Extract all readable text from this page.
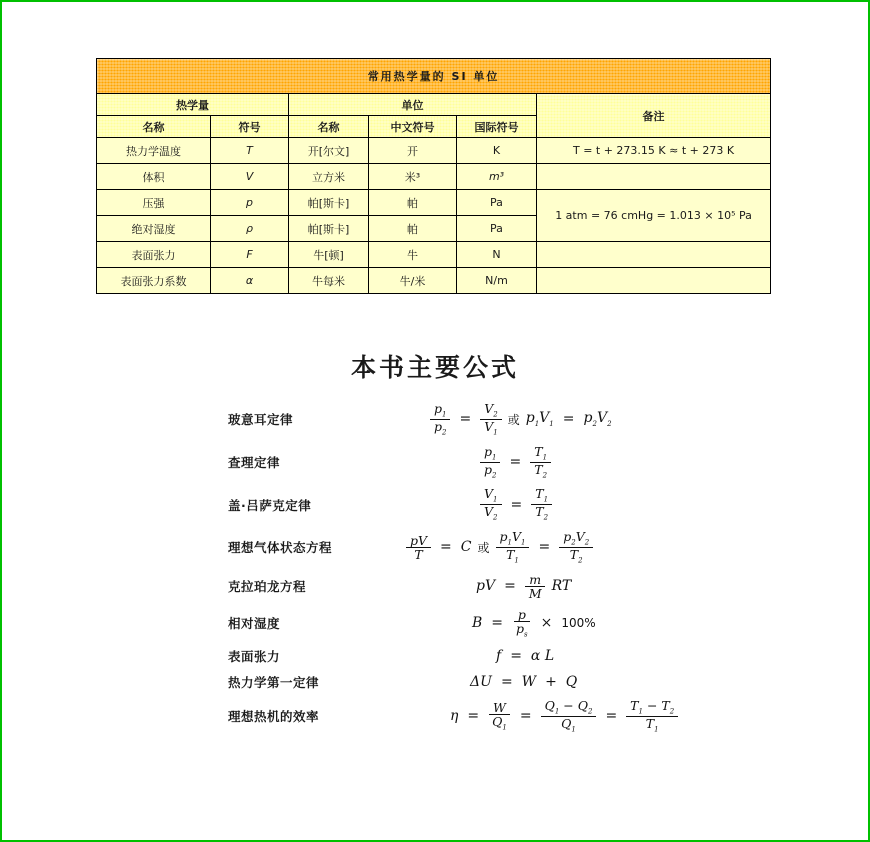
常用热学量的 SI 单位					
热学量		单位			备注
名称	符号	名称	中文符号	国际符号	
热力学温度	T	开[尔文]	开	K	T = t + 273.15 K ≈ t + 273 K
体积	V	立方米	米³	m³	
压强	p	帕[斯卡]	帕	Pa	1 atm = 76 cmHg = 1.013 × 10⁵ Pa
绝对湿度	ρ	帕[斯卡]	帕	Pa	
表面张力	F	牛[顿]	牛	N	
表面张力系数	α	牛每米	牛/米	N/m	
本书主要公式
玻意耳定律	$\frac{p_1}{p_2} = \frac{V_2}{V_1}$ 或 $p_1V_1 = p_2V_2$
查理定律	$\frac{p_1}{p_2} = \frac{T_1}{T_2}$
盖·吕萨克定律	$\frac{V_1}{V_2} = \frac{T_1}{T_2}$
理想气体状态方程	$\frac{pV}{T} = C$ 或 $\frac{p_1V_1}{T_1} = \frac{p_2V_2}{T_2}$
克拉珀龙方程	pV = $\frac{m}{M}$ RT
相对湿度	$B = \frac{p}{p_s} \times 100\%$
表面张力	f = α L
热力学第一定律	ΔU = W + Q
理想热机的效率	$\eta = \frac{W}{Q_1} = \frac{Q_1 - Q_2}{Q_1} = \frac{T_1 - T_2}{T_1}$
